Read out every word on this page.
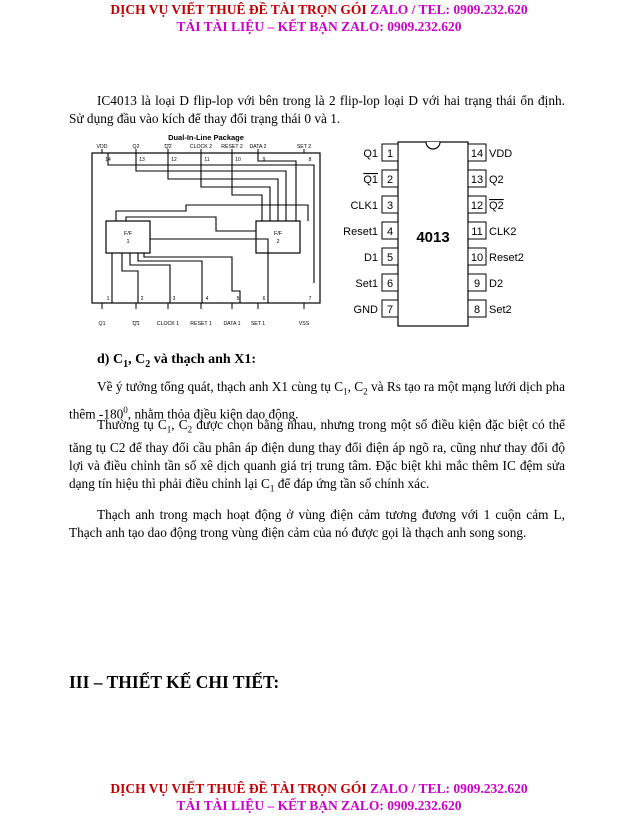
DỊCH VỤ VIẾT THUÊ ĐỀ TÀI TRỌN GÓI ZALO / TEL: 0909.232.620
TẢI TÀI LIỆU – KẾT BẠN ZALO: 0909.232.620

IC4013 là loại D flip-lop với bên trong là 2 flip-lop loại D với hai trạng thái ổn định. Sử dụng đầu vào kích để thay đổi trạng thái 0 và 1.

VDD
14
Q2
13
Q2
12
CLOCK 2
11
RESET 2
10
DATA 2
9
SET 2
8
Q1
1
Q1
2
CLOCK 1
3
RESET 1
4
DATA 1
5
SET 1
6
VSS
7
Dual-In-Line Package
F/F
1
F/F
2	4013
1
Q1
2
Q1
3
CLK1
4
Reset1
5
D1
6
Set1
7
GND
14 VDD
13 Q2
12 Q2
11 CLK2
10 Reset2
9 D2
8 Set2
d) $C_1$, $C_2$ và thạch anh X1:

Về ý tưởng tổng quát, thạch anh X1 cùng tụ $C_1$, $C_2$ và Rs tạo ra một mạng lưới dịch pha thêm $-180^0$, nhằm thỏa điều kiện dao động.

Thường tụ $C_1$, $C_2$ được chọn bằng nhau, nhưng trong một số điều kiện đặc biệt có thể tăng tụ C2 để thay đổi cầu phân áp điện dung thay đổi điện áp ngõ ra, cũng như thay đổi độ lợi và điều chỉnh tần số xê dịch quanh giá trị trung tâm. Đặc biệt khi mắc thêm IC đệm sửa dạng tín hiệu thì phải điều chỉnh lại $C_1$ để đáp ứng tần số chính xác.

Thạch anh trong mạch hoạt động ở vùng điện cảm tương đương với 1 cuộn cảm L, Thạch anh tạo dao động trong vùng điện cảm của nó được gọi là thạch anh song song.

III – THIẾT KẾ CHI TIẾT:
DỊCH VỤ VIẾT THUÊ ĐỀ TÀI TRỌN GÓI ZALO / TEL: 0909.232.620
TẢI TÀI LIỆU – KẾT BẠN ZALO: 0909.232.620
